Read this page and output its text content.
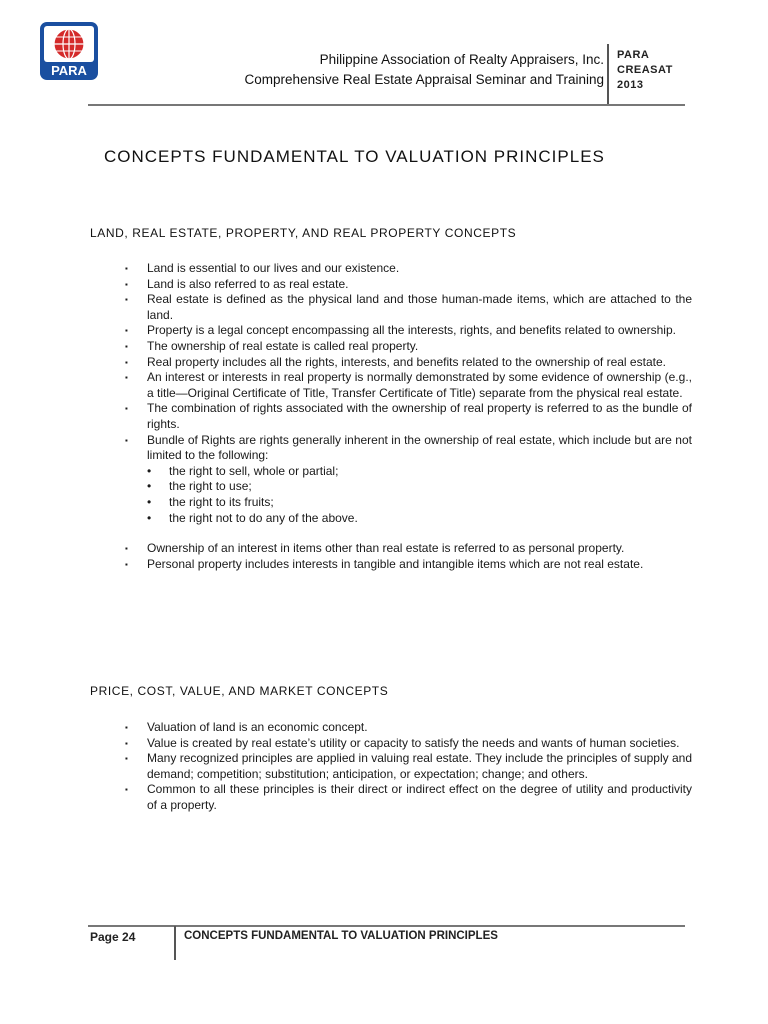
PARA
Philippine Association of Realty Appraisers, Inc.
Comprehensive Real Estate Appraisal Seminar and Training
PARA
CREASAT
2013
CONCEPTS FUNDAMENTAL TO VALUATION PRINCIPLES
LAND, REAL ESTATE, PROPERTY, AND REAL PROPERTY CONCEPTS
▪ Land is essential to our lives and our existence.
▪ Land is also referred to as real estate.
▪ Real estate is defined as the physical land and those human-made items, which are attached to the land.
▪ Property is a legal concept encompassing all the interests, rights, and benefits related to ownership.
▪ The ownership of real estate is called real property.
▪ Real property includes all the rights, interests, and benefits related to the ownership of real estate.
▪ An interest or interests in real property is normally demonstrated by some evidence of ownership (e.g., a title—Original Certificate of Title, Transfer Certificate of Title) separate from the physical real estate.
▪ The combination of rights associated with the ownership of real property is referred to as the bundle of rights.
▪ Bundle of Rights are rights generally inherent in the ownership of real estate, which include but are not limited to the following:
• the right to sell, whole or partial;
• the right to use;
• the right to its fruits;
• the right not to do any of the above.
▪ Ownership of an interest in items other than real estate is referred to as personal property.
▪ Personal property includes interests in tangible and intangible items which are not real estate.
PRICE, COST, VALUE, AND MARKET CONCEPTS
▪ Valuation of land is an economic concept.
▪ Value is created by real estate’s utility or capacity to satisfy the needs and wants of human societies.
▪ Many recognized principles are applied in valuing real estate. They include the principles of supply and demand; competition; substitution; anticipation, or expectation; change; and others.
▪ Common to all these principles is their direct or indirect effect on the degree of utility and productivity of a property.
Page 24	CONCEPTS FUNDAMENTAL TO VALUATION PRINCIPLES
